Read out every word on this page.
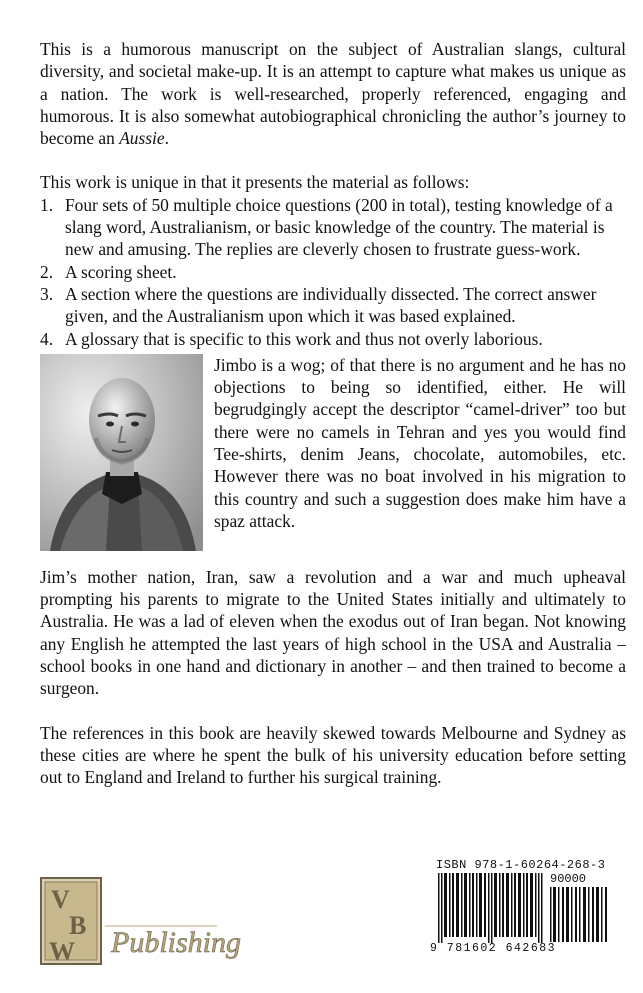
This is a humorous manuscript on the subject of Australian slangs, cultural diversity, and societal make-up. It is an attempt to capture what makes us unique as a nation. The work is well-researched, properly referenced, engaging and humorous. It is also somewhat autobiographical chronicling the author’s journey to become an Aussie.

This work is unique in that it presents the material as follows:

1. Four sets of 50 multiple choice questions (200 in total), testing knowledge of a slang word, Australianism, or basic knowledge of the country. The material is new and amusing. The replies are cleverly chosen to frustrate guess-work.
2. A scoring sheet.
3. A section where the questions are individually dissected. The correct answer given, and the Australianism upon which it was based explained.
4. A glossary that is specific to this work and thus not overly laborious.

Jimbo is a wog; of that there is no argument and he has no objections to being so identified, either. He will begrudgingly accept the descriptor “camel-driver” too but there were no camels in Tehran and yes you would find Tee-shirts, denim Jeans, chocolate, automobiles, etc. However there was no boat involved in his migration to this country and such a suggestion does make him have a spaz attack.

Jim’s mother nation, Iran, saw a revolution and a war and much upheaval prompting his parents to migrate to the United States initially and ultimately to Australia. He was a lad of eleven when the exodus out of Iran began. Not knowing any English he attempted the last years of high school in the USA and Australia – school books in one hand and dictionary in another – and then trained to become a surgeon.

The references in this book are heavily skewed towards Melbourne and Sydney as these cities are where he spent the bulk of his university education before setting out to England and Ireland to further his surgical training.

V
B
W Publishing
ISBN 978-1-60264-268-3
90000
9 781602 642683
